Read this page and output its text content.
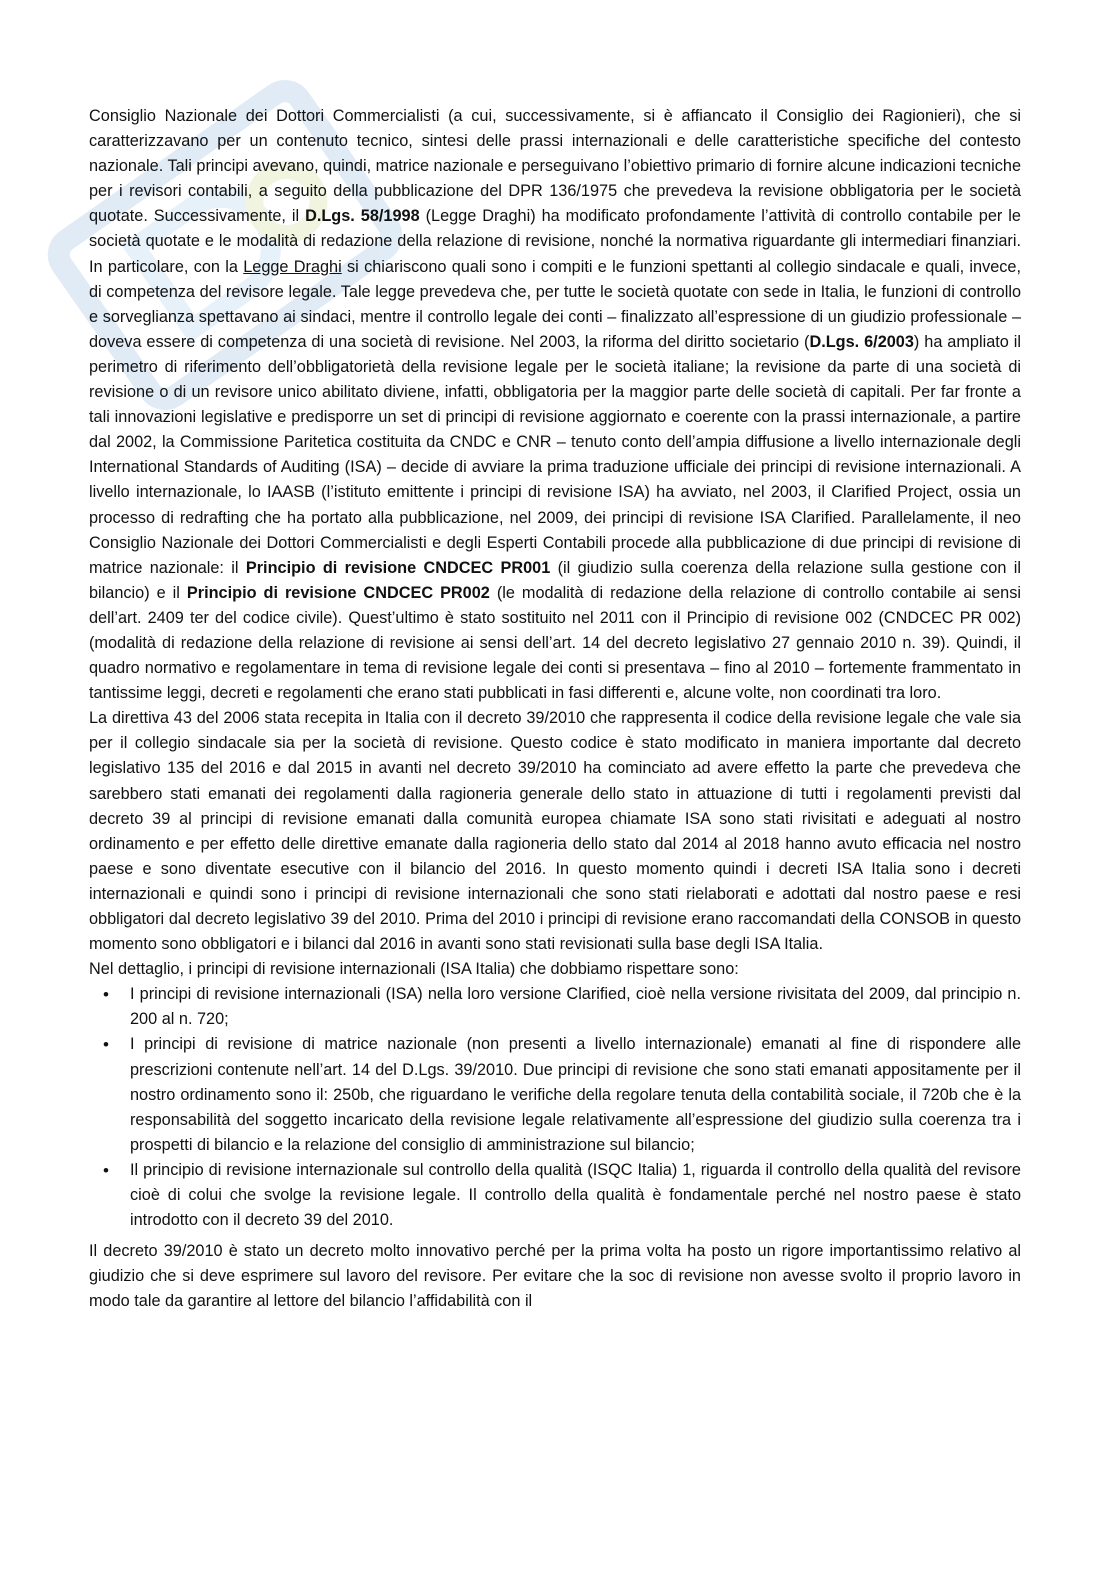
Consiglio Nazionale dei Dottori Commercialisti (a cui, successivamente, si è affiancato il Consiglio dei Ragionieri), che si caratterizzavano per un contenuto tecnico, sintesi delle prassi internazionali e delle caratteristiche specifiche del contesto nazionale. Tali principi avevano, quindi, matrice nazionale e perseguivano l’obiettivo primario di fornire alcune indicazioni tecniche per i revisori contabili, a seguito della pubblicazione del DPR 136/1975 che prevedeva la revisione obbligatoria per le società quotate. Successivamente, il D.Lgs. 58/1998 (Legge Draghi) ha modificato profondamente l’attività di controllo contabile per le società quotate e le modalità di redazione della relazione di revisione, nonché la normativa riguardante gli intermediari finanziari. In particolare, con la Legge Draghi si chiariscono quali sono i compiti e le funzioni spettanti al collegio sindacale e quali, invece, di competenza del revisore legale. Tale legge prevedeva che, per tutte le società quotate con sede in Italia, le funzioni di controllo e sorveglianza spettavano ai sindaci, mentre il controllo legale dei conti – finalizzato all’espressione di un giudizio professionale – doveva essere di competenza di una società di revisione. Nel 2003, la riforma del diritto societario (D.Lgs. 6/2003) ha ampliato il perimetro di riferimento dell’obbligatorietà della revisione legale per le società italiane; la revisione da parte di una società di revisione o di un revisore unico abilitato diviene, infatti, obbligatoria per la maggior parte delle società di capitali. Per far fronte a tali innovazioni legislative e predisporre un set di principi di revisione aggiornato e coerente con la prassi internazionale, a partire dal 2002, la Commissione Paritetica costituita da CNDC e CNR – tenuto conto dell’ampia diffusione a livello internazionale degli International Standards of Auditing (ISA) – decide di avviare la prima traduzione ufficiale dei principi di revisione internazionali. A livello internazionale, lo IAASB (l’istituto emittente i principi di revisione ISA) ha avviato, nel 2003, il Clarified Project, ossia un processo di redrafting che ha portato alla pubblicazione, nel 2009, dei principi di revisione ISA Clarified. Parallelamente, il neo Consiglio Nazionale dei Dottori Commercialisti e degli Esperti Contabili procede alla pubblicazione di due principi di revisione di matrice nazionale: il Principio di revisione CNDCEC PR001 (il giudizio sulla coerenza della relazione sulla gestione con il bilancio) e il Principio di revisione CNDCEC PR002 (le modalità di redazione della relazione di controllo contabile ai sensi dell’art. 2409 ter del codice civile). Quest’ultimo è stato sostituito nel 2011 con il Principio di revisione 002 (CNDCEC PR 002) (modalità di redazione della relazione di revisione ai sensi dell’art. 14 del decreto legislativo 27 gennaio 2010 n. 39). Quindi, il quadro normativo e regolamentare in tema di revisione legale dei conti si presentava – fino al 2010 – fortemente frammentato in tantissime leggi, decreti e regolamenti che erano stati pubblicati in fasi differenti e, alcune volte, non coordinati tra loro.

La direttiva 43 del 2006 stata recepita in Italia con il decreto 39/2010 che rappresenta il codice della revisione legale che vale sia per il collegio sindacale sia per la società di revisione. Questo codice è stato modificato in maniera importante dal decreto legislativo 135 del 2016 e dal 2015 in avanti nel decreto 39/2010 ha cominciato ad avere effetto la parte che prevedeva che sarebbero stati emanati dei regolamenti dalla ragioneria generale dello stato in attuazione di tutti i regolamenti previsti dal decreto 39 al principi di revisione emanati dalla comunità europea chiamate ISA sono stati rivisitati e adeguati al nostro ordinamento e per effetto delle direttive emanate dalla ragioneria dello stato dal 2014 al 2018 hanno avuto efficacia nel nostro paese e sono diventate esecutive con il bilancio del 2016. In questo momento quindi i decreti ISA Italia sono i decreti internazionali e quindi sono i principi di revisione internazionali che sono stati rielaborati e adottati dal nostro paese e resi obbligatori dal decreto legislativo 39 del 2010. Prima del 2010 i principi di revisione erano raccomandati della CONSOB in questo momento sono obbligatori e i bilanci dal 2016 in avanti sono stati revisionati sulla base degli ISA Italia.

Nel dettaglio, i principi di revisione internazionali (ISA Italia) che dobbiamo rispettare sono:

• I principi di revisione internazionali (ISA) nella loro versione Clarified, cioè nella versione rivisitata del 2009, dal principio n. 200 al n. 720;
• I principi di revisione di matrice nazionale (non presenti a livello internazionale) emanati al fine di rispondere alle prescrizioni contenute nell’art. 14 del D.Lgs. 39/2010. Due principi di revisione che sono stati emanati appositamente per il nostro ordinamento sono il: 250b, che riguardano le verifiche della regolare tenuta della contabilità sociale, il 720b che è la responsabilità del soggetto incaricato della revisione legale relativamente all’espressione del giudizio sulla coerenza tra i prospetti di bilancio e la relazione del consiglio di amministrazione sul bilancio;
• Il principio di revisione internazionale sul controllo della qualità (ISQC Italia) 1, riguarda il controllo della qualità del revisore cioè di colui che svolge la revisione legale. Il controllo della qualità è fondamentale perché nel nostro paese è stato introdotto con il decreto 39 del 2010.

Il decreto 39/2010 è stato un decreto molto innovativo perché per la prima volta ha posto un rigore importantissimo relativo al giudizio che si deve esprimere sul lavoro del revisore. Per evitare che la soc di revisione non avesse svolto il proprio lavoro in modo tale da garantire al lettore del bilancio l’affidabilità con il
